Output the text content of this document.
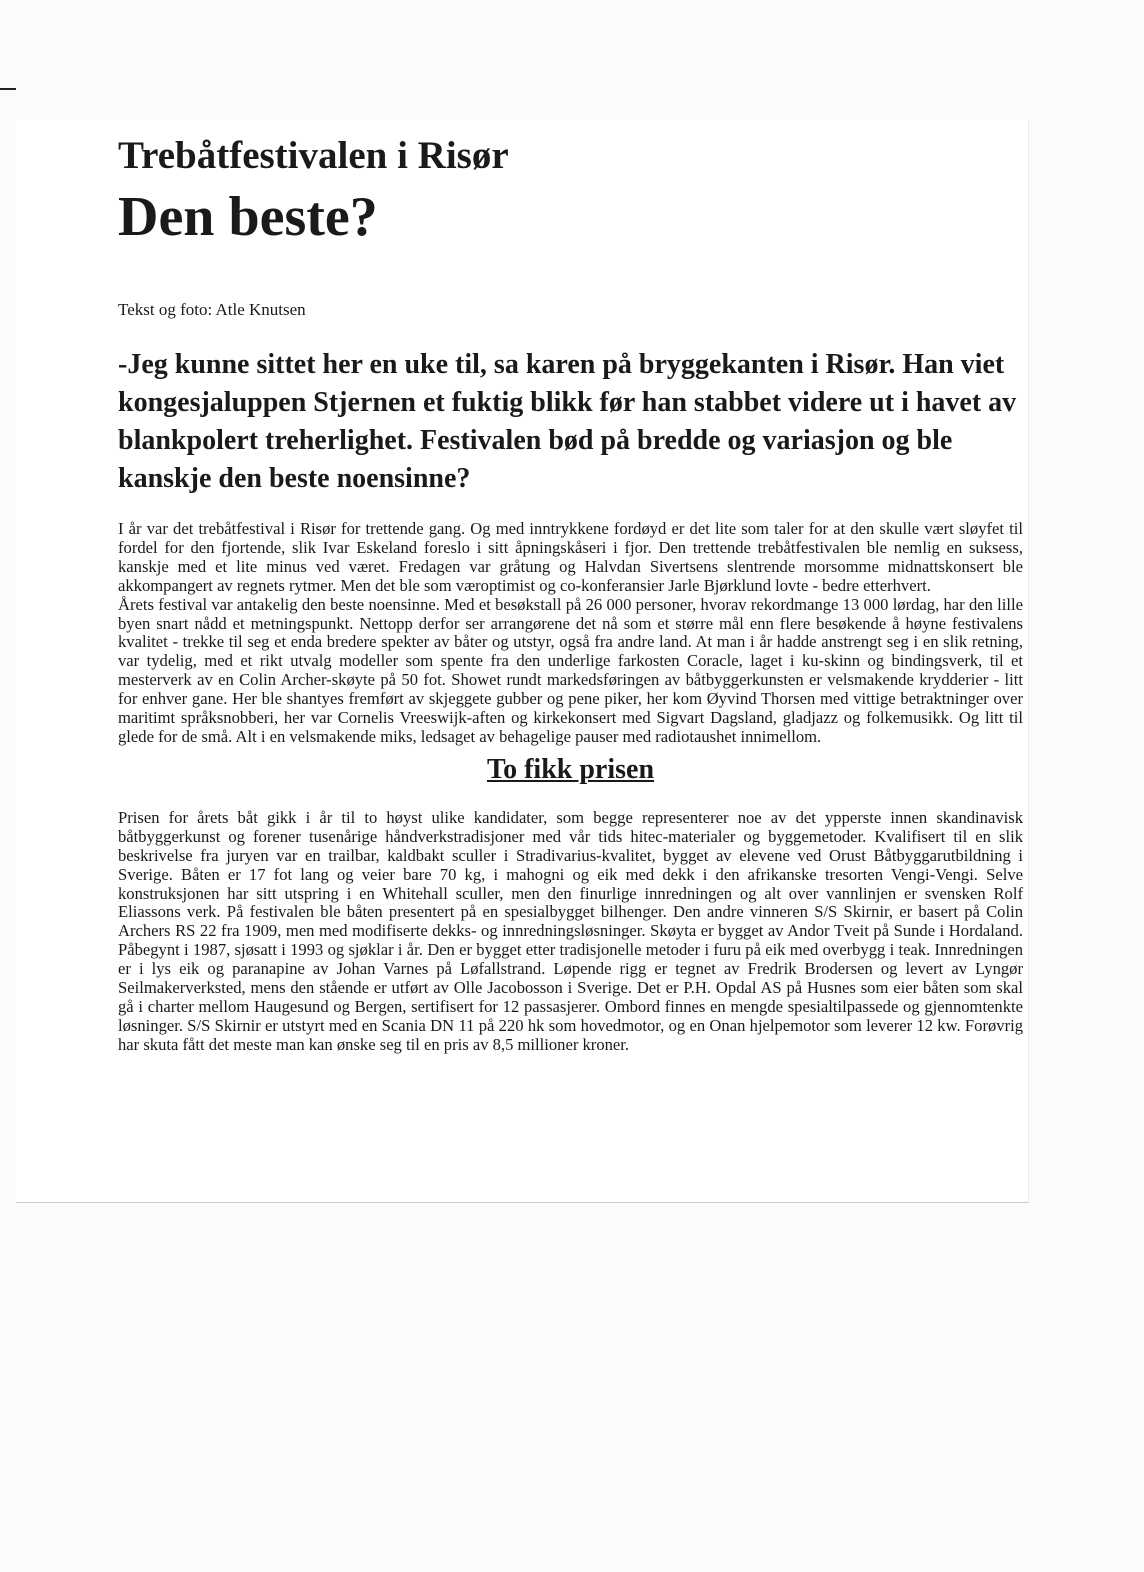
Trebåtfestivalen i Risør
Den beste?

Tekst og foto: Atle Knutsen

-Jeg kunne sittet her en uke til, sa karen på bryggekanten i Risør. Han viet kongesjaluppen Stjernen et fuktig blikk før han stabbet videre ut i havet av blankpolert treherlighet. Festivalen bød på bredde og variasjon og ble kanskje den beste noensinne?

I år var det trebåtfestival i Risør for trettende gang. Og med inntrykkene fordøyd er det lite som taler for at den skulle vært sløyfet til fordel for den fjortende, slik Ivar Eskeland foreslo i sitt åpningskåseri i fjor. Den trettende trebåtfestivalen ble nemlig en suksess, kanskje med et lite minus ved været. Fredagen var gråtung og Halvdan Sivertsens slentrende morsomme midnattskonsert ble akkompangert av regnets rytmer. Men det ble som væroptimist og co-konferansier Jarle Bjørklund lovte - bedre etterhvert.
Årets festival var antakelig den beste noensinne. Med et besøkstall på 26 000 personer, hvorav rekordmange 13 000 lørdag, har den lille byen snart nådd et metningspunkt. Nettopp derfor ser arrangørene det nå som et større mål enn flere besøkende å høyne festivalens kvalitet - trekke til seg et enda bredere spekter av båter og utstyr, også fra andre land. At man i år hadde anstrengt seg i en slik retning, var tydelig, med et rikt utvalg modeller som spente fra den underlige farkosten Coracle, laget i ku-skinn og bindingsverk, til et mesterverk av en Colin Archer-skøyte på 50 fot. Showet rundt markedsføringen av båtbyggerkunsten er velsmakende krydderier - litt for enhver gane. Her ble shantyes fremført av skjeggete gubber og pene piker, her kom Øyvind Thorsen med vittige betraktninger over maritimt språksnobberi, her var Cornelis Vreeswijk-aften og kirkekonsert med Sigvart Dagsland, gladjazz og folkemusikk. Og litt til glede for de små. Alt i en velsmakende miks, ledsaget av behagelige pauser med radiotaushet innimellom.
To fikk prisen
Prisen for årets båt gikk i år til to høyst ulike kandidater, som begge representerer noe av det ypperste innen skandinavisk båtbyggerkunst og forener tusenårige håndverkstradisjoner med vår tids hitec-materialer og byggemetoder. Kvalifisert til en slik beskrivelse fra juryen var en trailbar, kaldbakt sculler i Stradivarius-kvalitet, bygget av elevene ved Orust Båtbyggarutbildning i Sverige. Båten er 17 fot lang og veier bare 70 kg, i mahogni og eik med dekk i den afrikanske tresorten Vengi-Vengi. Selve konstruksjonen har sitt utspring i en Whitehall sculler, men den finurlige innredningen og alt over vannlinjen er svensken Rolf Eliassons verk. På festivalen ble båten presentert på en spesialbygget bilhenger. Den andre vinneren S/S Skirnir, er basert på Colin Archers RS 22 fra 1909, men med modifiserte dekks- og innredningsløsninger. Skøyta er bygget av Andor Tveit på Sunde i Hordaland. Påbegynt i 1987, sjøsatt i 1993 og sjøklar i år. Den er bygget etter tradisjonelle metoder i furu på eik med overbygg i teak. Innredningen er i lys eik og paranapine av Johan Varnes på Løfallstrand. Løpende rigg er tegnet av Fredrik Brodersen og levert av Lyngør Seilmakerverksted, mens den stående er utført av Olle Jacobosson i Sverige. Det er P.H. Opdal AS på Husnes som eier båten som skal gå i charter mellom Haugesund og Bergen, sertifisert for 12 passasjerer. Ombord finnes en mengde spesialtilpassede og gjennomtenkte løsninger. S/S Skirnir er utstyrt med en Scania DN 11 på 220 hk som hovedmotor, og en Onan hjelpemotor som leverer 12 kw. Forøvrig har skuta fått det meste man kan ønske seg til en pris av 8,5 millioner kroner.
